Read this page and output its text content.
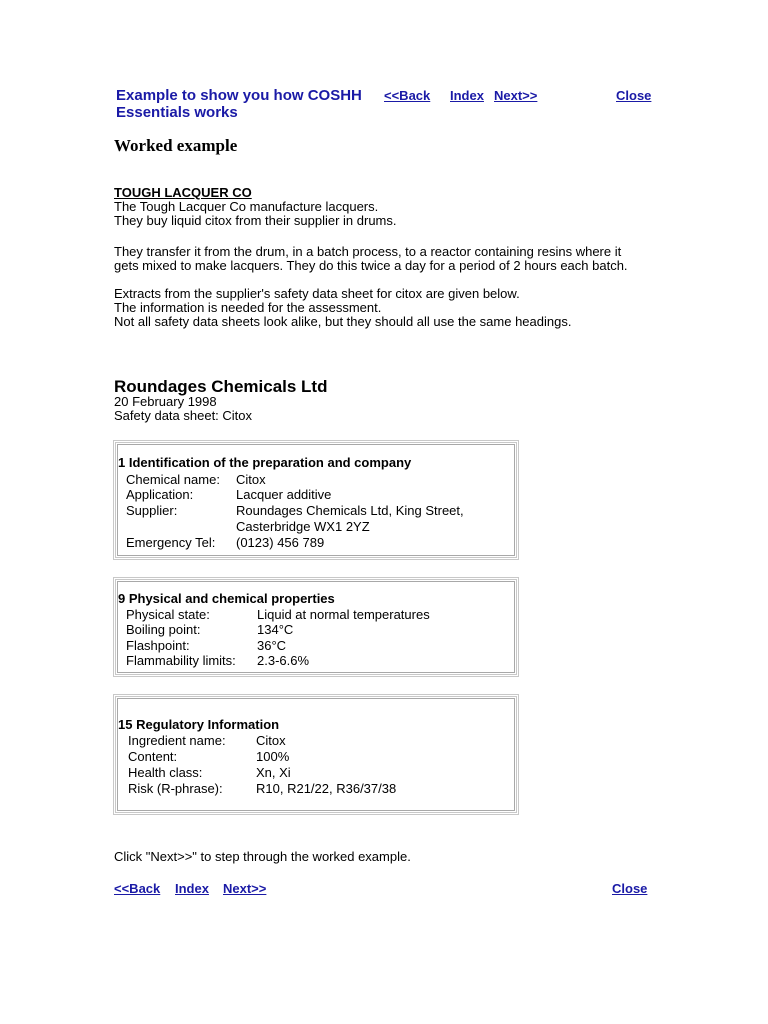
Example to show you how COSHH Essentials works
<<Back Index Next>>	Close
Worked example
TOUGH LACQUER CO
The Tough Lacquer Co manufacture lacquers.
They buy liquid citox from their supplier in drums.
They transfer it from the drum, in a batch process, to a reactor containing resins where it
gets mixed to make lacquers. They do this twice a day for a period of 2 hours each batch.
Extracts from the supplier's safety data sheet for citox are given below.
The information is needed for the assessment.
Not all safety data sheets look alike, but they should all use the same headings.
Roundages Chemicals Ltd
20 February 1998
Safety data sheet: Citox
1 Identification of the preparation and company
Chemical name: Citox
Application:	Lacquer additive
Supplier:	Roundages Chemicals Ltd, King Street,
Casterbridge WX1 2YZ
Emergency Tel: (0123) 456 789
9 Physical and chemical properties
Physical state:	Liquid at normal temperatures
Boiling point:	134°C
Flashpoint:	36°C
Flammability limits: 2.3-6.6%
15 Regulatory Information
Ingredient name: Citox
Content:	100%
Health class:	Xn, Xi
Risk (R-phrase):	R10, R21/22, R36/37/38
Click "Next>>" to step through the worked example.
<<Back Index Next>>	Close
